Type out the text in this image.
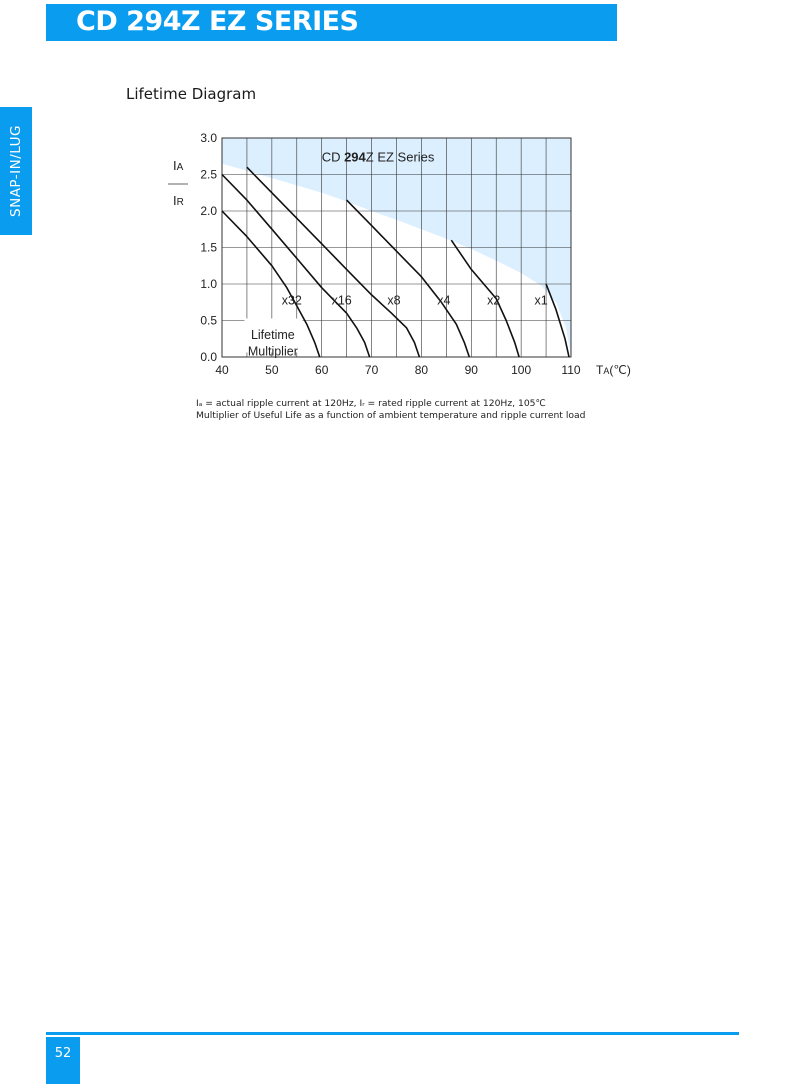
CD 294Z EZ SERIES
SNAP-IN/LUG
Lifetime Diagram
40	50	60	70	80	90	100	110
0.0
0.5
1.0
1.5
2.0
2.5
3.0
IA
IR
TA(℃)
CD 294Z EZ Series
x32 x16	x8	x4	x2	x1
Lifetime
Multiplier
Iₐ = actual ripple current at 120Hz, Iᵣ = rated ripple current at 120Hz, 105℃
Multiplier of Useful Life as a function of ambient temperature and ripple current load
52
